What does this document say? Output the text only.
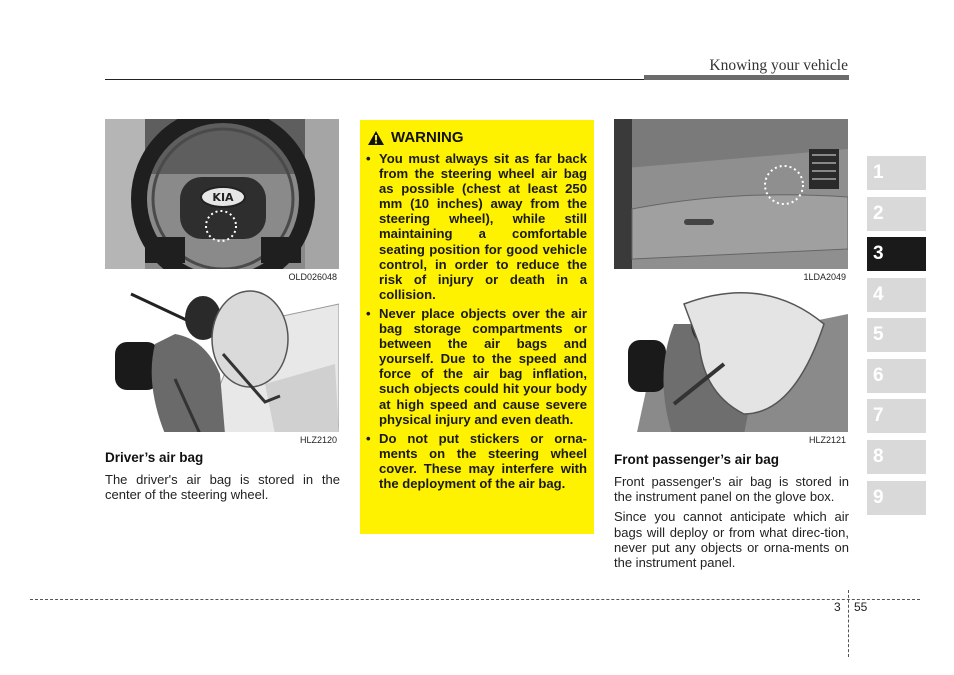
Knowing your vehicle
KIA
OLD026048
HLZ2120
Driver’s air bag

The driver's air bag is stored in the center of the steering wheel.

WARNING
• You must always sit as far back from the steering wheel air bag as possible (chest at least 250 mm (10 inches) away from the steering wheel), while still maintaining a comfortable seating position for good vehicle control, in order to reduce the risk of injury or death in a collision.
• Never place objects over the air bag storage compartments or between the air bags and yourself. Due to the speed and force of the air bag inflation, such objects could hit your body at high speed and cause severe physical injury and even death.
• Do not put stickers or orna-ments on the steering wheel cover. These may interfere with the deployment of the air bag.
1LDA2049
HLZ2121
Front passenger’s air bag

Front passenger's air bag is stored in the instrument panel on the glove box.

Since you cannot anticipate which air bags will deploy or from what direc-tion, never put any objects or orna-ments on the instrument panel.

1
2
3
4
5
6
7
8
9
3 55
